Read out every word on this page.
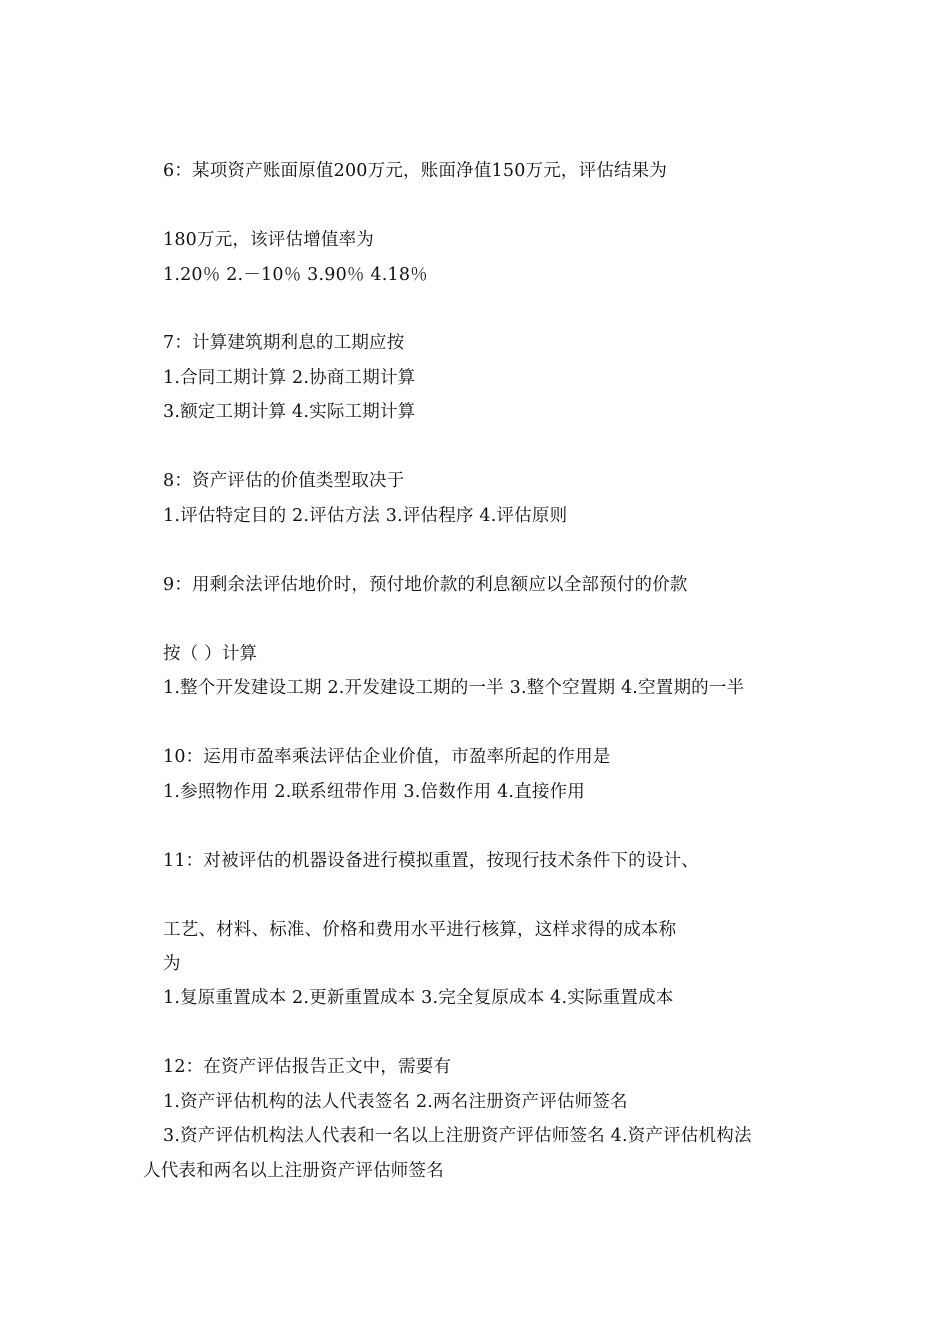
6：某项资产账面原值200万元，账面净值150万元，评估结果为
180万元，该评估增值率为
1.20％ 2.－10％ 3.90％ 4.18％
7：计算建筑期利息的工期应按
1.合同工期计算 2.协商工期计算
3.额定工期计算 4.实际工期计算
8：资产评估的价值类型取决于
1.评估特定目的 2.评估方法 3.评估程序 4.评估原则
9：用剩余法评估地价时，预付地价款的利息额应以全部预付的价款
按（ ）计算
1.整个开发建设工期 2.开发建设工期的一半 3.整个空置期 4.空置期的一半
10：运用市盈率乘法评估企业价值，市盈率所起的作用是
1.参照物作用 2.联系纽带作用 3.倍数作用 4.直接作用
11：对被评估的机器设备进行模拟重置，按现行技术条件下的设计、
工艺、材料、标准、价格和费用水平进行核算，这样求得的成本称
为
1.复原重置成本 2.更新重置成本 3.完全复原成本 4.实际重置成本
12：在资产评估报告正文中，需要有
1.资产评估机构的法人代表签名 2.两名注册资产评估师签名
3.资产评估机构法人代表和一名以上注册资产评估师签名 4.资产评估机构法
人代表和两名以上注册资产评估师签名
